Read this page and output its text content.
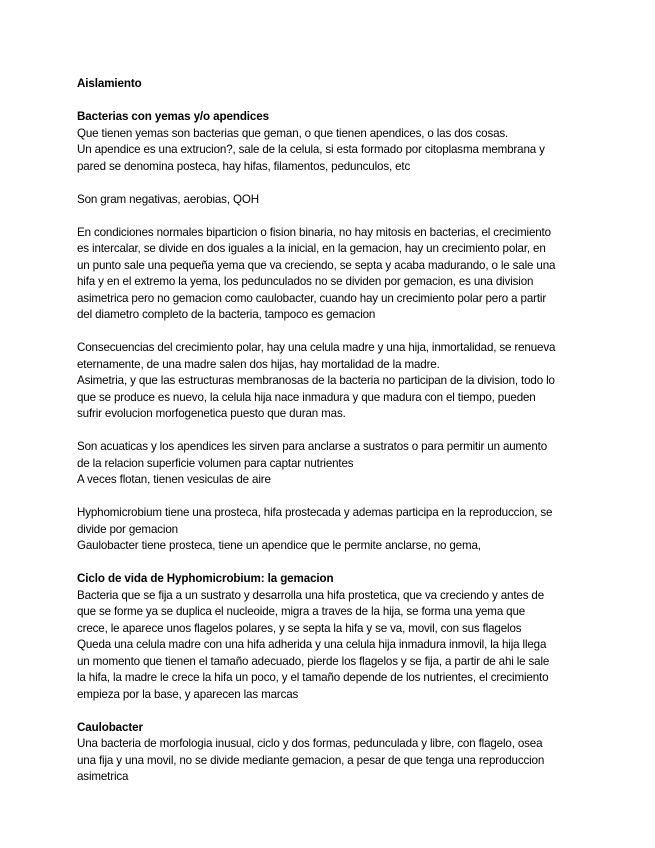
Aislamiento

Bacterias con yemas y/o apendices

Que tienen yemas son bacterias que geman, o que tienen apendices, o las dos cosas.

Un apendice es una extrucion?, sale de la celula, si esta formado por citoplasma membrana y

pared se denomina posteca, hay hifas, filamentos, pedunculos, etc

Son gram negativas, aerobias, QOH

En condiciones normales biparticion o fision binaria, no hay mitosis en bacterias, el crecimiento

es intercalar, se divide en dos iguales a la inicial, en la gemacion, hay un crecimiento polar, en

un punto sale una pequeña yema que va creciendo, se septa y acaba madurando, o le sale una

hifa y en el extremo la yema, los pedunculados no se dividen por gemacion, es una division

asimetrica pero no gemacion como caulobacter, cuando hay un crecimiento polar pero a partir

del diametro completo de la bacteria, tampoco es gemacion

Consecuencias del crecimiento polar, hay una celula madre y una hija, inmortalidad, se renueva

eternamente, de una madre salen dos hijas, hay mortalidad de la madre.

Asimetria, y que las estructuras membranosas de la bacteria no participan de la division, todo lo

que se produce es nuevo, la celula hija nace inmadura y que madura con el tiempo, pueden

sufrir evolucion morfogenetica puesto que duran mas.

Son acuaticas y los apendices les sirven para anclarse a sustratos o para permitir un aumento

de la relacion superficie volumen para captar nutrientes

A veces flotan, tienen vesiculas de aire

Hyphomicrobium tiene una prosteca, hifa prostecada y ademas participa en la reproduccion, se

divide por gemacion

Gaulobacter tiene prosteca, tiene un apendice que le permite anclarse, no gema,

Ciclo de vida de Hyphomicrobium: la gemacion

Bacteria que se fija a un sustrato y desarrolla una hifa prostetica, que va creciendo y antes de

que se forme ya se duplica el nucleoide, migra a traves de la hija, se forma una yema que

crece, le aparece unos flagelos polares, y se septa la hifa y se va, movil, con sus flagelos

Queda una celula madre con una hifa adherida y una celula hija inmadura inmovil, la hija llega

un momento que tienen el tamaño adecuado, pierde los flagelos y se fija, a partir de ahi le sale

la hifa, la madre le crece la hifa un poco, y el tamaño depende de los nutrientes, el crecimiento

empieza por la base, y aparecen las marcas

Caulobacter

Una bacteria de morfologia inusual, ciclo y dos formas, pedunculada y libre, con flagelo, osea

una fija y una movil, no se divide mediante gemacion, a pesar de que tenga una reproduccion

asimetrica
